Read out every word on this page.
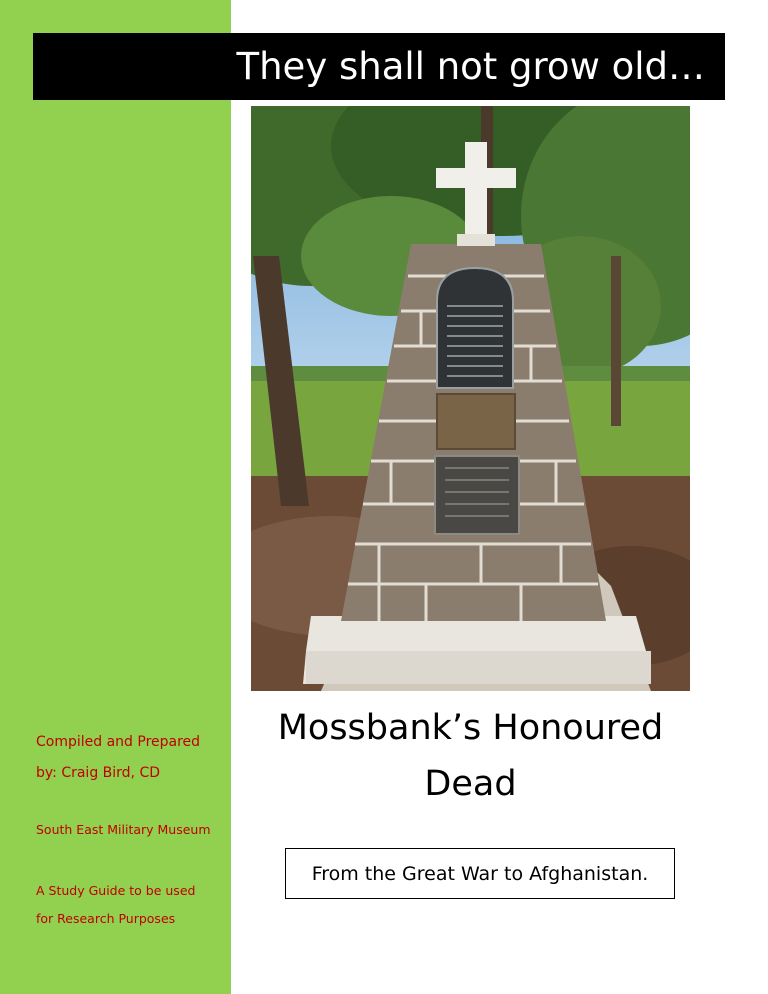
Compiled and Prepared
by: Craig Bird, CD
South East Military Museum
A Study Guide to be used
for Research Purposes
They shall not grow old…
Mossbank’s Honoured
Dead
From the Great War to Afghanistan.
